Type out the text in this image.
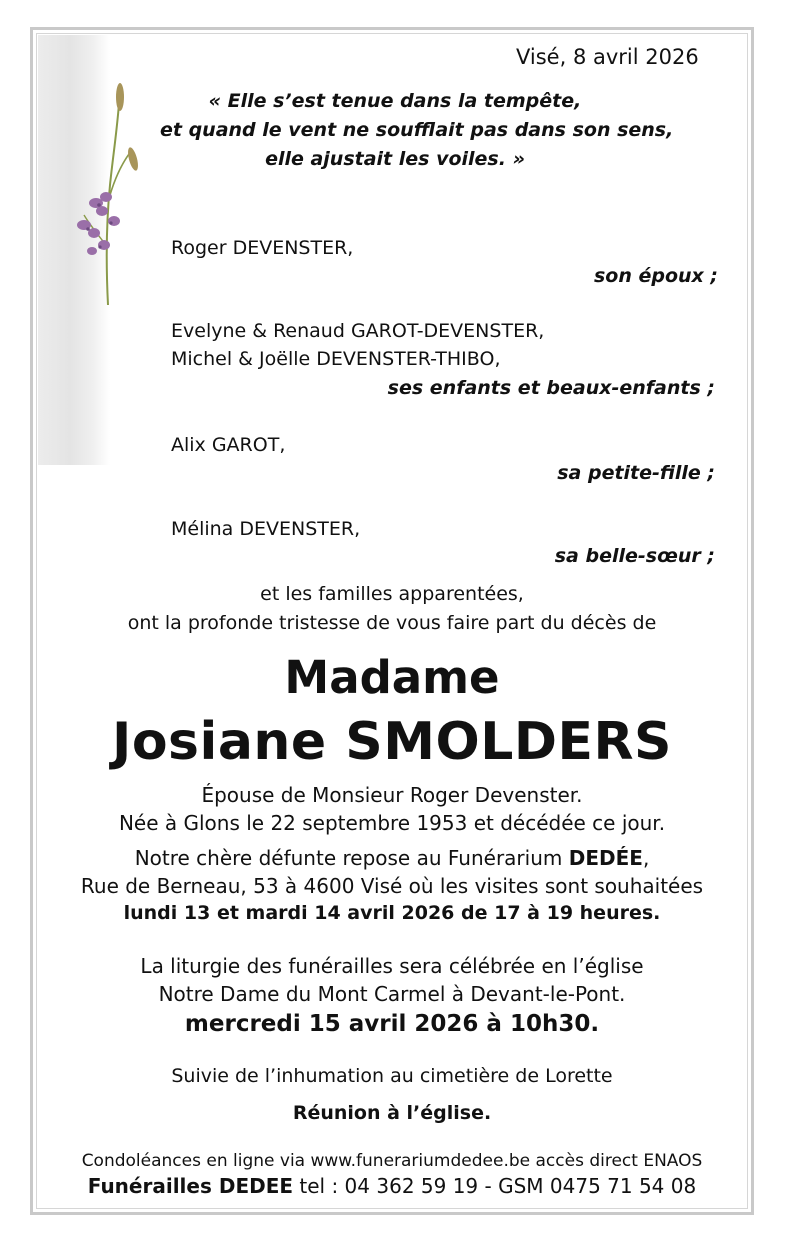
Visé, 8 avril 2026
« Elle s’est tenue dans la tempête,
et quand le vent ne soufflait pas dans son sens,
elle ajustait les voiles. »
Roger DEVENSTER,
son époux ;
Evelyne & Renaud GAROT-DEVENSTER,
Michel & Joëlle DEVENSTER-THIBO,
ses enfants et beaux-enfants ;
Alix GAROT,
sa petite-fille ;
Mélina DEVENSTER,
sa belle-sœur ;
et les familles apparentées,
ont la profonde tristesse de vous faire part du décès de
Madame
Josiane SMOLDERS
Épouse de Monsieur Roger Devenster.
Née à Glons le 22 septembre 1953 et décédée ce jour.
Notre chère défunte repose au Funérarium DEDÉE,
Rue de Berneau, 53 à 4600 Visé où les visites sont souhaitées
lundi 13 et mardi 14 avril 2026 de 17 à 19 heures.
La liturgie des funérailles sera célébrée en l’église
Notre Dame du Mont Carmel à Devant-le-Pont.
mercredi 15 avril 2026 à 10h30.
Suivie de l’inhumation au cimetière de Lorette
Réunion à l’église.
Condoléances en ligne via www.funerariumdedee.be accès direct ENAOS
Funérailles DEDEE tel : 04 362 59 19 - GSM 0475 71 54 08
